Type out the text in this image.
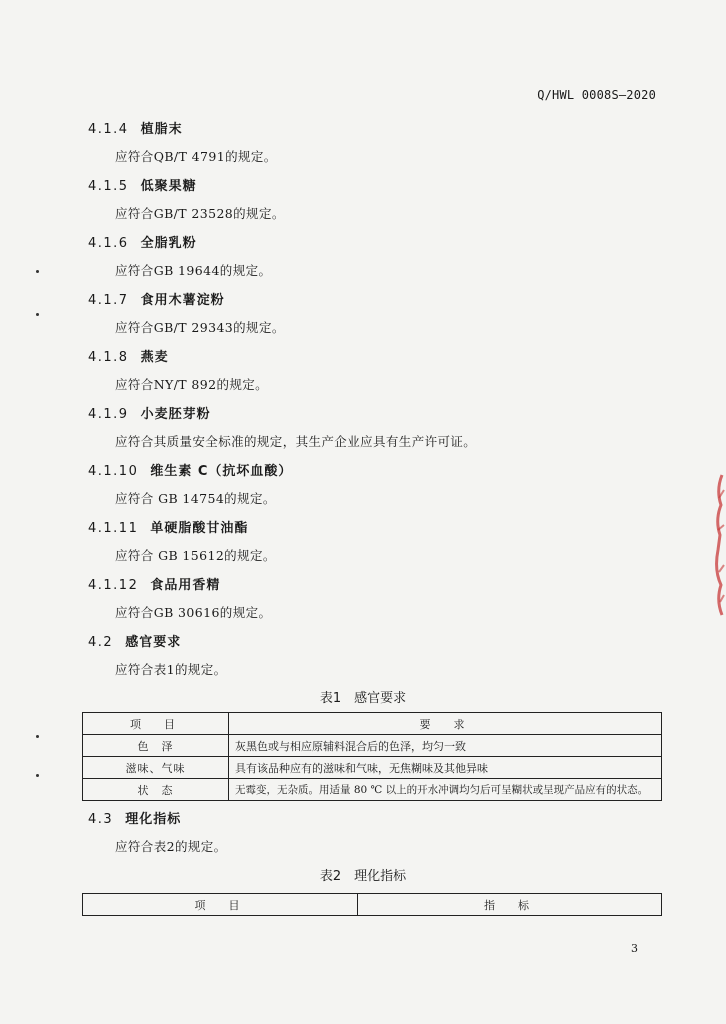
Q/HWL 0008S—2020
4.1.4 植脂末
应符合QB/T 4791的规定。
4.1.5 低聚果糖
应符合GB/T 23528的规定。
4.1.6 全脂乳粉
应符合GB 19644的规定。
4.1.7 食用木薯淀粉
应符合GB/T 29343的规定。
4.1.8 燕麦
应符合NY/T 892的规定。
4.1.9 小麦胚芽粉
应符合其质量安全标准的规定，其生产企业应具有生产许可证。
4.1.10 维生素 C（抗坏血酸）
应符合 GB 14754的规定。
4.1.11 单硬脂酸甘油酯
应符合 GB 15612的规定。
4.1.12 食品用香精
应符合GB 30616的规定。
4.2 感官要求
应符合表1的规定。
表1　感官要求
项　目	要　求
色　泽	灰黑色或与相应原辅料混合后的色泽，均匀一致
滋味、气味	具有该品种应有的滋味和气味，无焦糊味及其他异味
状　态	无霉变，无杂质。用适量 80 ℃ 以上的开水冲调均匀后可呈糊状或呈现产品应有的状态。
4.3 理化指标
应符合表2的规定。
表2　理化指标
项　目	指　标
3
